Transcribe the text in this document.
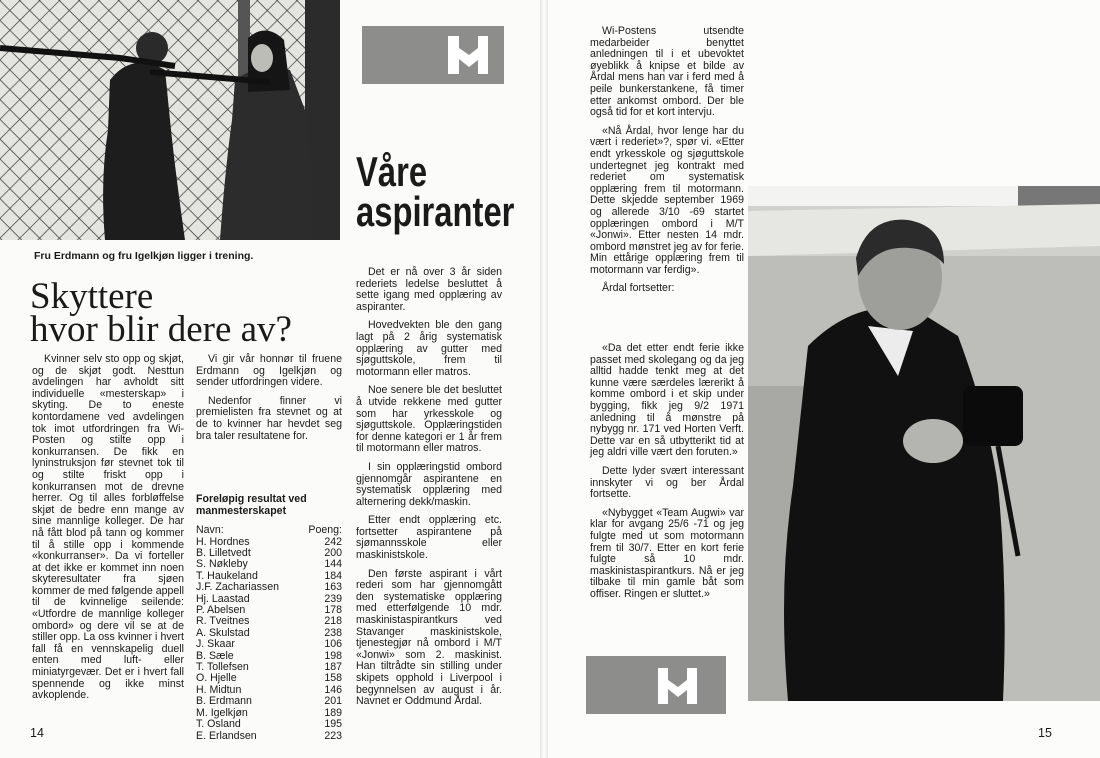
Fru Erdmann og fru Igelkjøn ligger i trening.
Skyttere
hvor blir dere av?

Kvinner selv sto opp og skjøt, og de skjøt godt. Nesttun avdelingen har avholdt sitt individuelle «mesterskap» i skyting. De to eneste kontordamene ved avdelingen tok imot utfordringen fra Wi-Posten og stilte opp i konkurransen. De fikk en lyninstruksjon før stevnet tok til og stilte friskt opp i konkurransen mot de drevne herrer. Og til alles forbløffelse skjøt de bedre enn mange av sine mannlige kolleger. De har nå fått blod på tann og kommer til å stille opp i kommende «konkurranser». Da vi forteller at det ikke er kommet inn noen skyteresultater fra sjøen kommer de med følgende appell til de kvinnelige seilende: «Utfordre de mannlige kolleger ombord» og dere vil se at de stiller opp. La oss kvinner i hvert fall få en vennskapelig duell enten med luft- eller miniatyrgevær. Det er i hvert fall spennende og ikke minst avkoplende.

Vi gir vår honnør til fruene Erdmann og Igelkjøn og sender utfordringen videre.

Nedenfor finner vi premielisten fra stevnet og at de to kvinner har hevdet seg bra taler resultatene for.

Foreløpig resultat ved manmesterskapet
Navn:	Poeng:
H. Hordnes	242
B. Lilletvedt	200
S. Nøkleby	144
T. Haukeland	184
J.F. Zachariassen	163
Hj. Laastad	239
P. Abelsen	178
R. Tveitnes	218
A. Skulstad	238
J. Skaar	106
B. Sæle	198
T. Tollefsen	187
O. Hjelle	158
H. Midtun	146
B. Erdmann	201
M. Igelkjøn	189
T. Osland	195
E. Erlandsen	223
Våre
aspiranter

Det er nå over 3 år siden rederiets ledelse besluttet å sette igang med opplæring av aspiranter.

Hovedvekten ble den gang lagt på 2 årig systematisk opplæring av gutter med sjøguttskole, frem til motormann eller matros.

Noe senere ble det besluttet å utvide rekkene med gutter som har yrkesskole og sjøguttskole. Opplæringstiden for denne kategori er 1 år frem til motormann eller matros.

I sin opplæringstid ombord gjennomgår aspirantene en systematisk opplæring med alternering dekk/maskin.

Etter endt opplæring etc. fortsetter aspirantene på sjømannsskole eller maskinistskole.

Den første aspirant i vårt rederi som har gjennomgått den systematiske opplæring med etterfølgende 10 mdr. maskinistaspirantkurs ved Stavanger maskinistskole, tjenestegjør nå ombord i M/T «Jonwi» som 2. maskinist. Han tiltrådte sin stilling under skipets opphold i Liverpool i begynnelsen av august i år. Navnet er Oddmund Årdal.

14

Wi-Postens utsendte medarbeider benyttet anledningen til i et ubevoktet øyeblikk å knipse et bilde av Årdal mens han var i ferd med å peile bunkerstankene, få timer etter ankomst ombord. Der ble også tid for et kort intervju.

«Nå Årdal, hvor lenge har du vært i rederiet»?, spør vi. «Etter endt yrkesskole og sjøguttskole undertegnet jeg kontrakt med rederiet om systematisk opplæring frem til motormann. Dette skjedde september 1969 og allerede 3/10 -69 startet opplæringen ombord i M/T «Jonwi». Etter nesten 14 mdr. ombord mønstret jeg av for ferie. Min ettårige opplæring frem til motormann var ferdig».

Årdal fortsetter:

«Da det etter endt ferie ikke passet med skolegang og da jeg alltid hadde tenkt meg at det kunne være særdeles lærerikt å komme ombord i et skip under bygging, fikk jeg 9/2 1971 anledning til å mønstre på nybygg nr. 171 ved Horten Verft. Dette var en så utbytterikt tid at jeg aldri ville vært den foruten.»

Dette lyder svært interessant innskyter vi og ber Årdal fortsette.

«Nybygget «Team Augwi» var klar for avgang 25/6 -71 og jeg fulgte med ut som motormann frem til 30/7. Etter en kort ferie fulgte så 10 mdr. maskinistaspirantkurs. Nå er jeg tilbake til min gamle båt som offiser. Ringen er sluttet.»

15
